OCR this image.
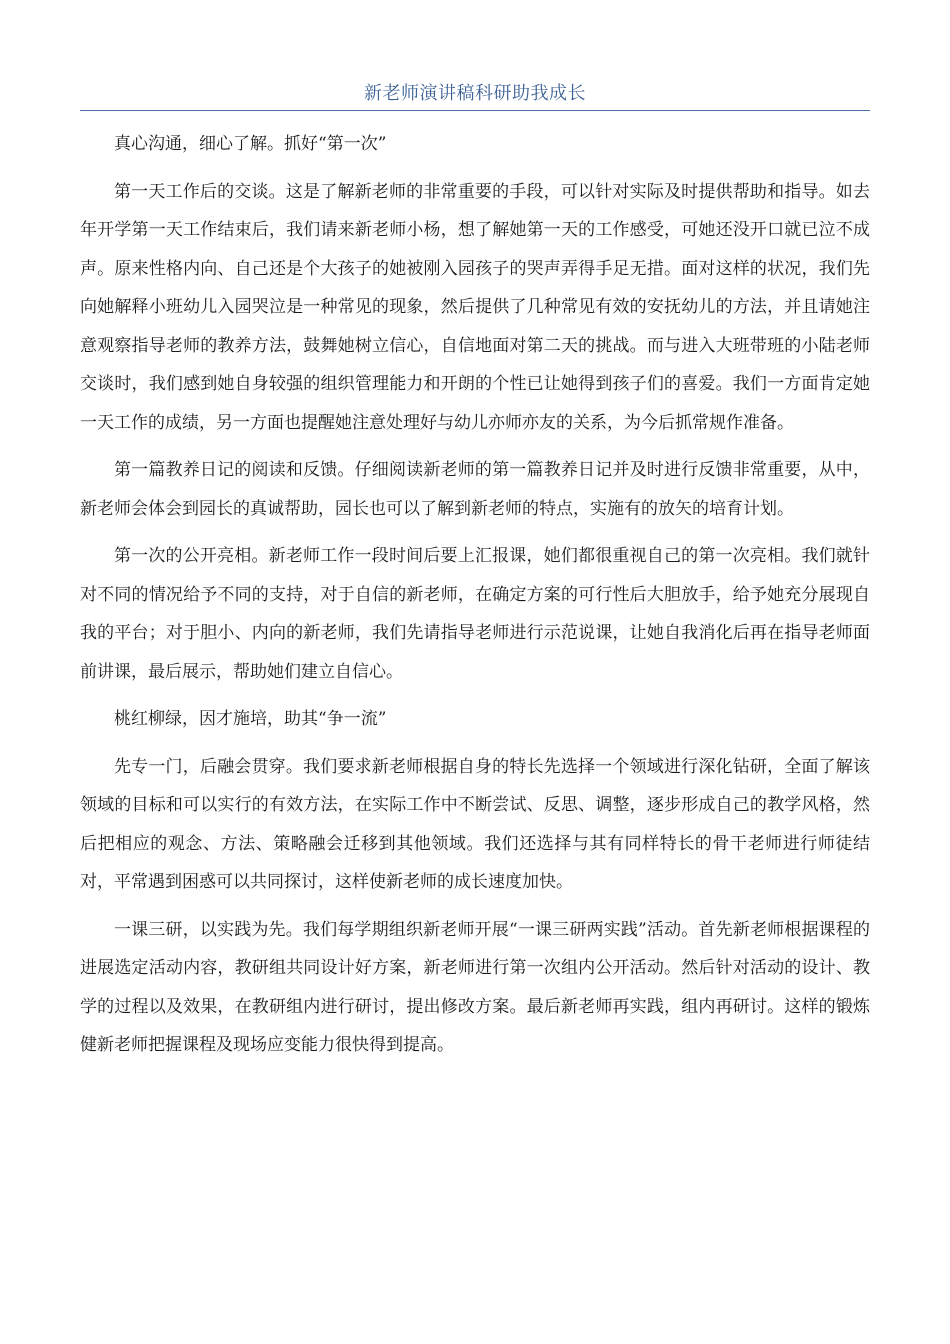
新老师演讲稿科研助我成长

真心沟通，细心了解。抓好“第一次”

第一天工作后的交谈。这是了解新老师的非常重要的手段，可以针对实际及时提供帮助和指导。如去年开学第一天工作结束后，我们请来新老师小杨，想了解她第一天的工作感受，可她还没开口就已泣不成声。原来性格内向、自己还是个大孩子的她被刚入园孩子的哭声弄得手足无措。面对这样的状况，我们先向她解释小班幼儿入园哭泣是一种常见的现象，然后提供了几种常见有效的安抚幼儿的方法，并且请她注意观察指导老师的教养方法，鼓舞她树立信心，自信地面对第二天的挑战。而与进入大班带班的小陆老师交谈时，我们感到她自身较强的组织管理能力和开朗的个性已让她得到孩子们的喜爱。我们一方面肯定她一天工作的成绩，另一方面也提醒她注意处理好与幼儿亦师亦友的关系，为今后抓常规作准备。

第一篇教养日记的阅读和反馈。仔细阅读新老师的第一篇教养日记并及时进行反馈非常重要，从中，新老师会体会到园长的真诚帮助，园长也可以了解到新老师的特点，实施有的放矢的培育计划。

第一次的公开亮相。新老师工作一段时间后要上汇报课，她们都很重视自己的第一次亮相。我们就针对不同的情况给予不同的支持，对于自信的新老师，在确定方案的可行性后大胆放手，给予她充分展现自我的平台；对于胆小、内向的新老师，我们先请指导老师进行示范说课，让她自我消化后再在指导老师面前讲课，最后展示，帮助她们建立自信心。

桃红柳绿，因才施培，助其“争一流”

先专一门，后融会贯穿。我们要求新老师根据自身的特长先选择一个领域进行深化钻研，全面了解该领域的目标和可以实行的有效方法，在实际工作中不断尝试、反思、调整，逐步形成自己的教学风格，然后把相应的观念、方法、策略融会迁移到其他领域。我们还选择与其有同样特长的骨干老师进行师徒结对，平常遇到困惑可以共同探讨，这样使新老师的成长速度加快。

一课三研，以实践为先。我们每学期组织新老师开展“一课三研两实践”活动。首先新老师根据课程的进展选定活动内容，教研组共同设计好方案，新老师进行第一次组内公开活动。然后针对活动的设计、教学的过程以及效果，在教研组内进行研讨，提出修改方案。最后新老师再实践，组内再研讨。这样的锻炼健新老师把握课程及现场应变能力很快得到提高。
